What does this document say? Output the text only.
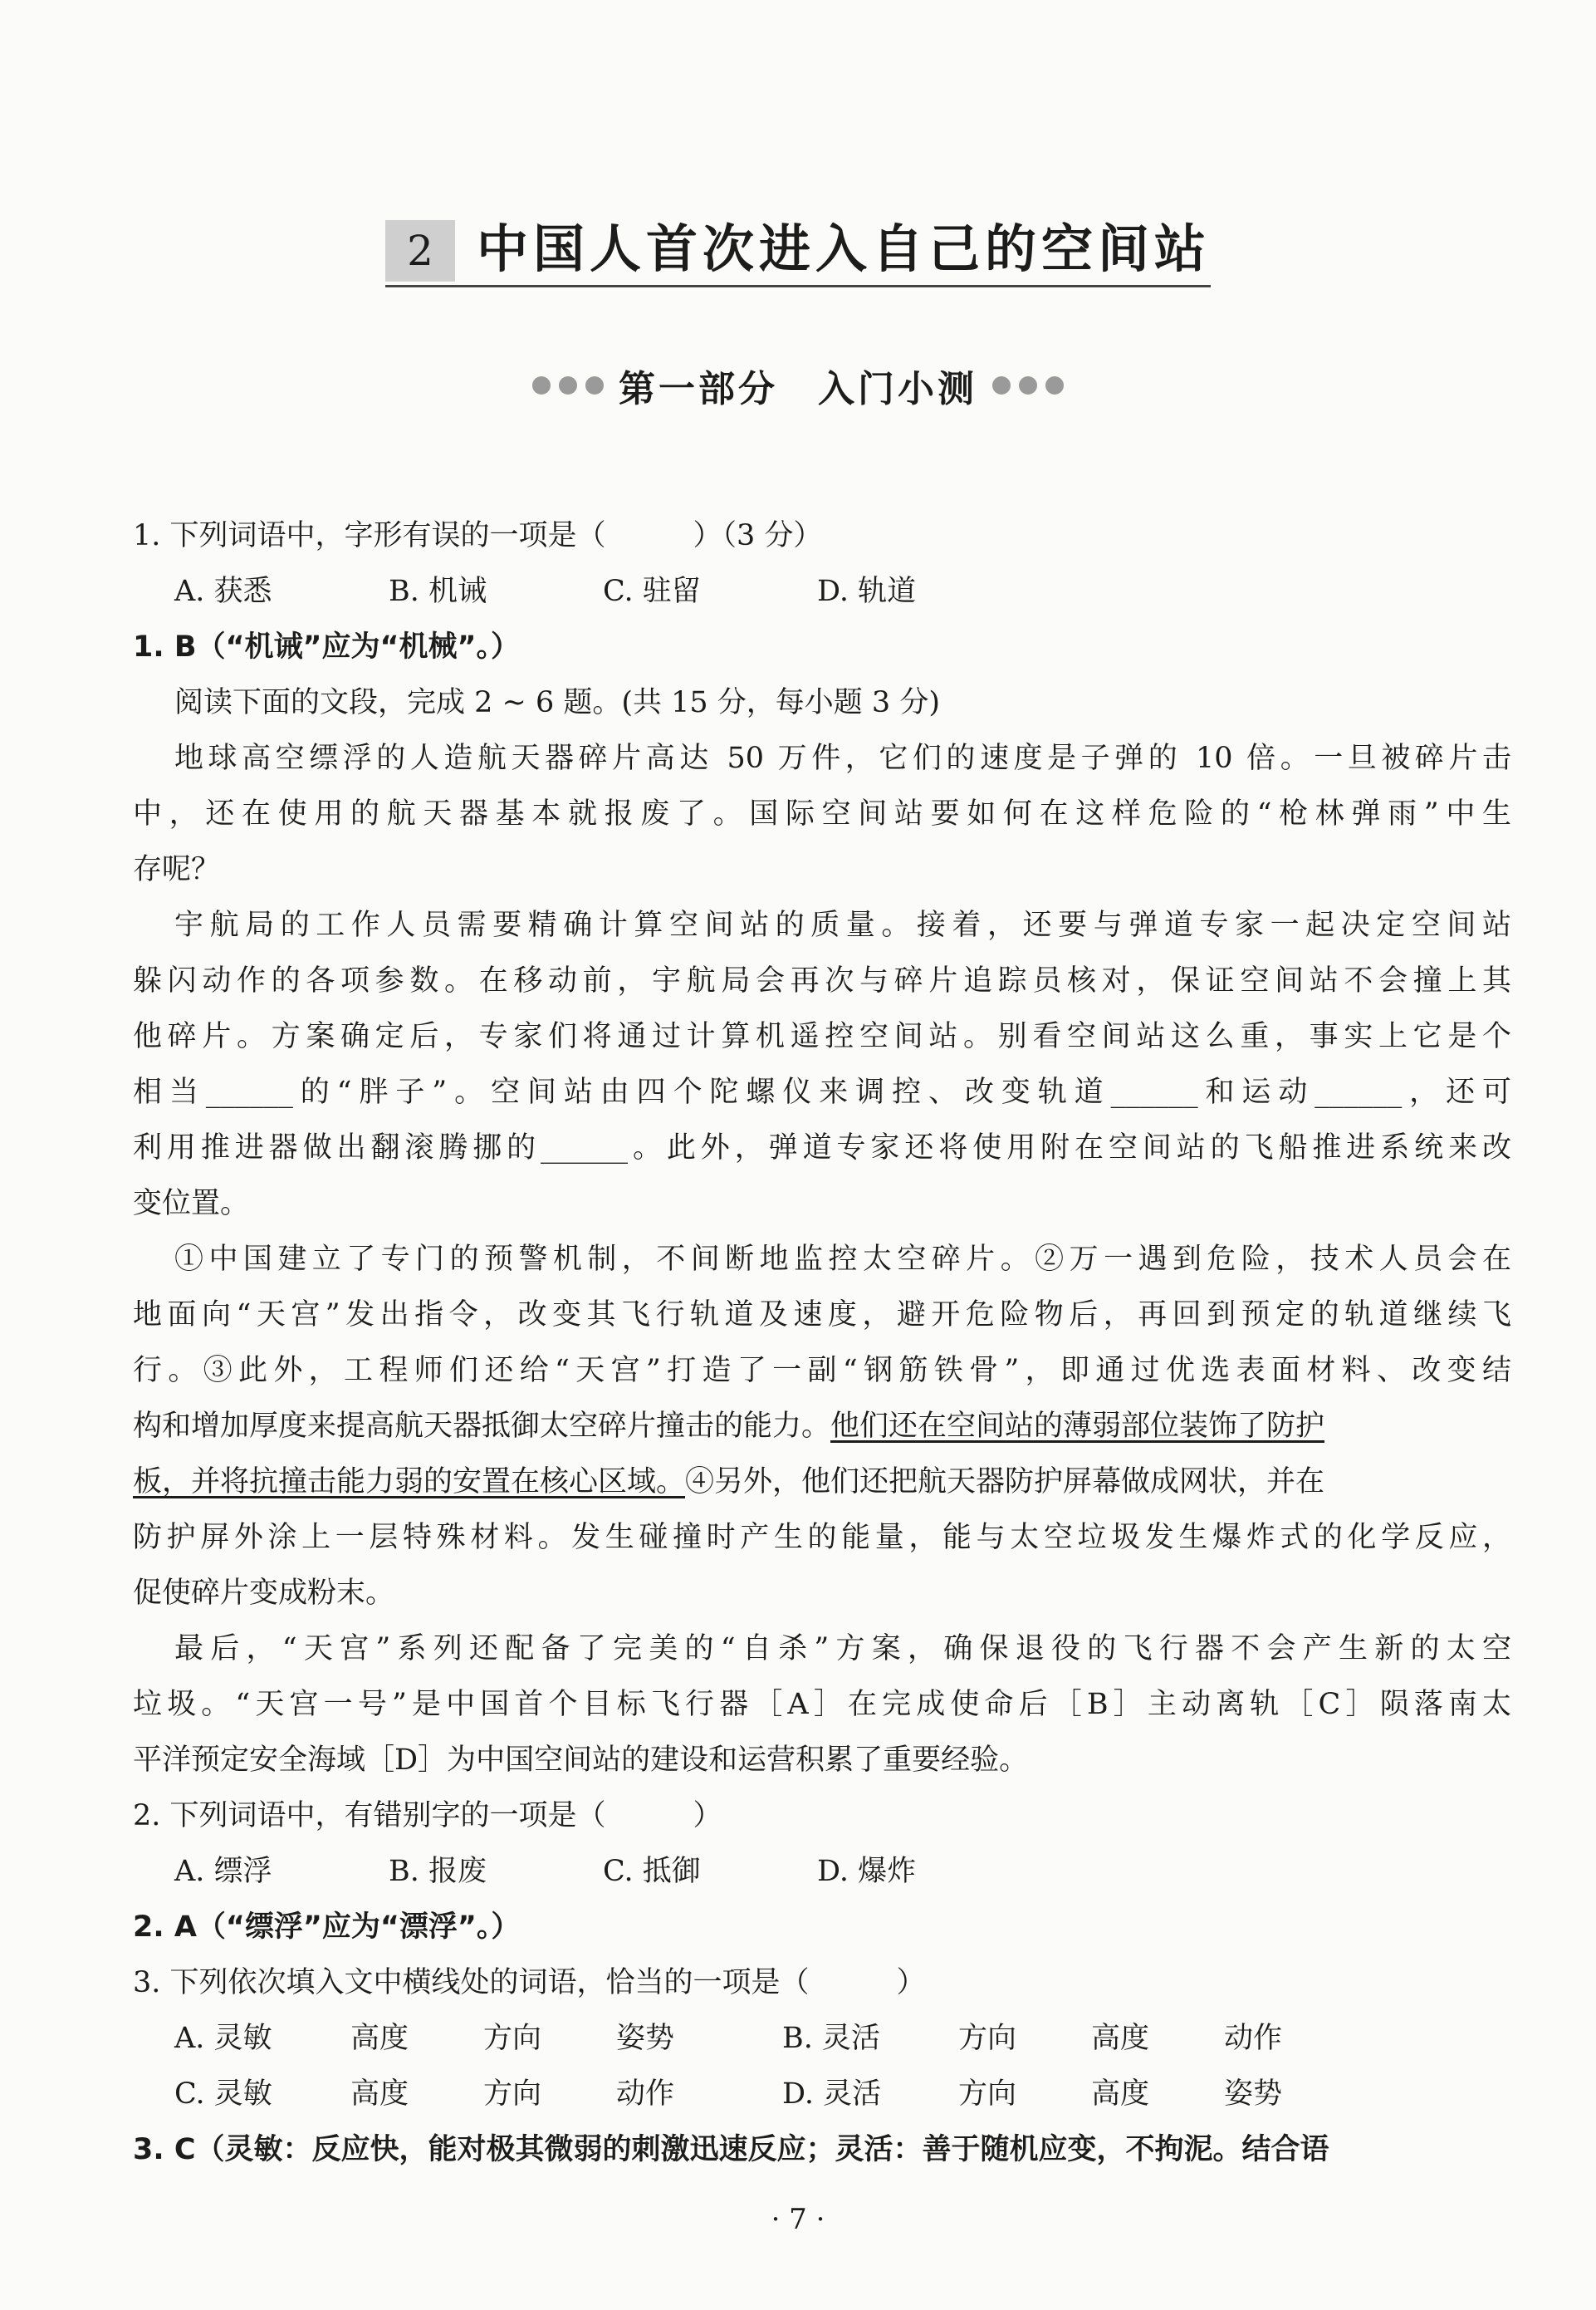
2 中国人首次进入自己的空间站
第一部分　入门小测
1. 下列词语中，字形有误的一项是（　　　）（3 分）
A. 获悉	B. 机诫	C. 驻留	D. 轨道
1. B（“机诫”应为“机械”。）
阅读下面的文段，完成 2 ~ 6 题。(共 15 分，每小题 3 分)
地球高空缥浮的人造航天器碎片高达 50 万件，它们的速度是子弹的 10 倍。一旦被碎片击
中，还在使用的航天器基本就报废了。国际空间站要如何在这样危险的“枪林弹雨”中生
存呢？
宇航局的工作人员需要精确计算空间站的质量。接着，还要与弹道专家一起决定空间站
躲闪动作的各项参数。在移动前，宇航局会再次与碎片追踪员核对，保证空间站不会撞上其
他碎片。方案确定后，专家们将通过计算机遥控空间站。别看空间站这么重，事实上它是个
相当______的“胖子”。空间站由四个陀螺仪来调控、改变轨道______和运动______，还可
利用推进器做出翻滚腾挪的______。此外，弹道专家还将使用附在空间站的飞船推进系统来改
变位置。
①中国建立了专门的预警机制，不间断地监控太空碎片。②万一遇到危险，技术人员会在
地面向“天宫”发出指令，改变其飞行轨道及速度，避开危险物后，再回到预定的轨道继续飞
行。③此外，工程师们还给“天宫”打造了一副“钢筋铁骨”，即通过优选表面材料、改变结
构和增加厚度来提高航天器抵御太空碎片撞击的能力。他们还在空间站的薄弱部位装饰了防护
板，并将抗撞击能力弱的安置在核心区域。④另外，他们还把航天器防护屏幕做成网状，并在
防护屏外涂上一层特殊材料。发生碰撞时产生的能量，能与太空垃圾发生爆炸式的化学反应，
促使碎片变成粉末。
最后，“天宫”系列还配备了完美的“自杀”方案，确保退役的飞行器不会产生新的太空
垃圾。“天宫一号”是中国首个目标飞行器［A］在完成使命后［B］主动离轨［C］陨落南太
平洋预定安全海域［D］为中国空间站的建设和运营积累了重要经验。
2. 下列词语中，有错别字的一项是（　　　）
A. 缥浮	B. 报废	C. 抵御	D. 爆炸
2. A（“缥浮”应为“漂浮”。）
3. 下列依次填入文中横线处的词语，恰当的一项是（　　　）
A. 灵敏	高度	方向	姿势	B. 灵活	方向	高度	动作
C. 灵敏	高度	方向	动作	D. 灵活	方向	高度	姿势
3. C（灵敏：反应快，能对极其微弱的刺激迅速反应；灵活：善于随机应变，不拘泥。结合语
· 7 ·
